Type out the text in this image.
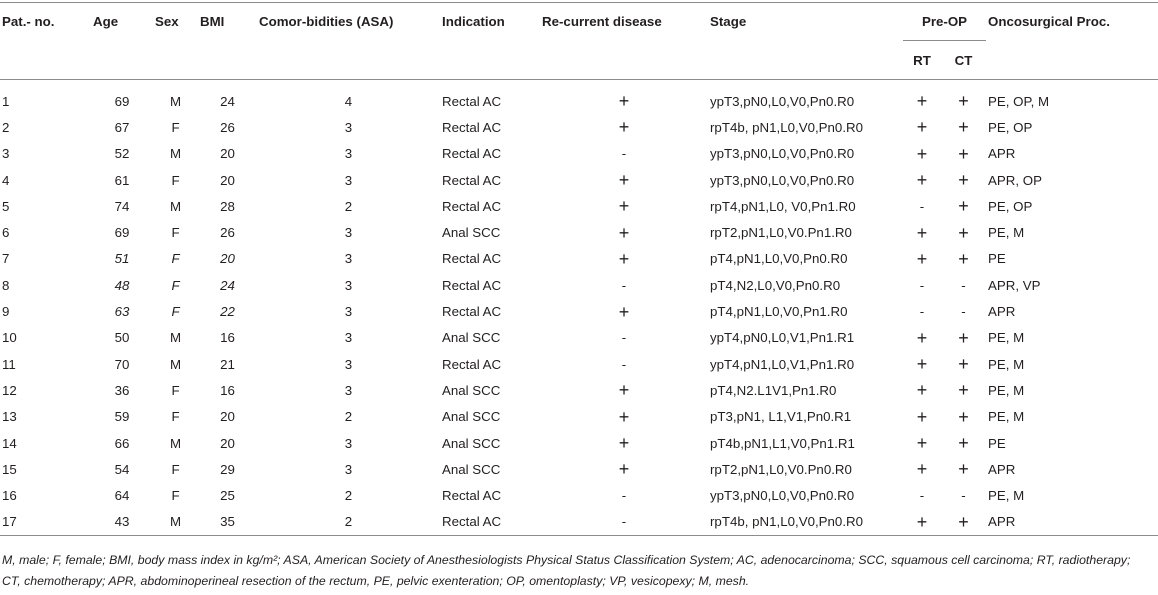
Pat.- no.	Age	Sex	BMI	Comor-bidities (ASA)	Indication	Re-current disease	Stage	Pre-OP		Oncosurgical Proc.
								RT	CT	
1	69	M	24	4	Rectal AC	+	ypT3,pN0,L0,V0,Pn0.R0	+	+	PE, OP, M
2	67	F	26	3	Rectal AC	+	rpT4b, pN1,L0,V0,Pn0.R0	+	+	PE, OP
3	52	M	20	3	Rectal AC	-	ypT3,pN0,L0,V0,Pn0.R0	+	+	APR
4	61	F	20	3	Rectal AC	+	ypT3,pN0,L0,V0,Pn0.R0	+	+	APR, OP
5	74	M	28	2	Rectal AC	+	rpT4,pN1,L0, V0,Pn1.R0	-	+	PE, OP
6	69	F	26	3	Anal SCC	+	rpT2,pN1,L0,V0.Pn1.R0	+	+	PE, M
7	51	F	20	3	Rectal AC	+	pT4,pN1,L0,V0,Pn0.R0	+	+	PE
8	48	F	24	3	Rectal AC	-	pT4,N2,L0,V0,Pn0.R0	-	-	APR, VP
9	63	F	22	3	Rectal AC	+	pT4,pN1,L0,V0,Pn1.R0	-	-	APR
10	50	M	16	3	Anal SCC	-	ypT4,pN0,L0,V1,Pn1.R1	+	+	PE, M
11	70	M	21	3	Rectal AC	-	ypT4,pN1,L0,V1,Pn1.R0	+	+	PE, M
12	36	F	16	3	Anal SCC	+	pT4,N2.L1V1,Pn1.R0	+	+	PE, M
13	59	F	20	2	Anal SCC	+	pT3,pN1, L1,V1,Pn0.R1	+	+	PE, M
14	66	M	20	3	Anal SCC	+	pT4b,pN1,L1,V0,Pn1.R1	+	+	PE
15	54	F	29	3	Anal SCC	+	rpT2,pN1,L0,V0.Pn0.R0	+	+	APR
16	64	F	25	2	Rectal AC	-	ypT3,pN0,L0,V0,Pn0.R0	-	-	PE, M
17	43	M	35	2	Rectal AC	-	rpT4b, pN1,L0,V0,Pn0.R0	+	+	APR

M, male; F, female; BMI, body mass index in kg/m²; ASA, American Society of Anesthesiologists Physical Status Classification System; AC, adenocarcinoma; SCC, squamous cell carcinoma; RT, radiotherapy; CT, chemotherapy; APR, abdominoperineal resection of the rectum, PE, pelvic exenteration; OP, omentoplasty; VP, vesicopexy; M, mesh.
